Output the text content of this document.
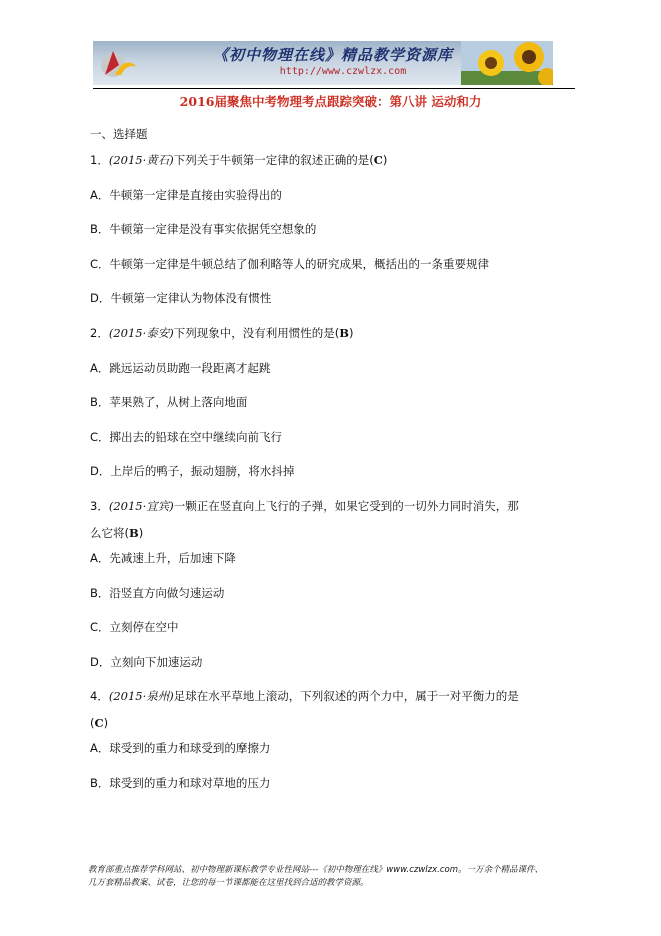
《初中物理在线》精品教学资源库
http://www.czwlzx.com
2016届聚焦中考物理考点跟踪突破：第八讲 运动和力
一、选择题
1．(2015·黄石)下列关于牛顿第一定律的叙述正确的是(C)
A．牛顿第一定律是直接由实验得出的
B．牛顿第一定律是没有事实依据凭空想象的
C．牛顿第一定律是牛顿总结了伽利略等人的研究成果，概括出的一条重要规律
D．牛顿第一定律认为物体没有惯性
2．(2015·泰安)下列现象中，没有利用惯性的是(B)
A．跳远运动员助跑一段距离才起跳
B．苹果熟了，从树上落向地面
C．掷出去的铅球在空中继续向前飞行
D．上岸后的鸭子，振动翅膀，将水抖掉
3．(2015·宜宾)一颗正在竖直向上飞行的子弹，如果它受到的一切外力同时消失，那
么它将(B)
A．先减速上升，后加速下降
B．沿竖直方向做匀速运动
C．立刻停在空中
D．立刻向下加速运动
4．(2015·泉州)足球在水平草地上滚动，下列叙述的两个力中，属于一对平衡力的是
(C)
A．球受到的重力和球受到的摩擦力
B．球受到的重力和球对草地的压力
教育部重点推荐学科网站、初中物理新课标教学专业性网站---《初中物理在线》www.czwlzx.com。一万余个精品课件、
几万套精品教案、试卷，让您的每一节课都能在这里找到合适的教学资源。
